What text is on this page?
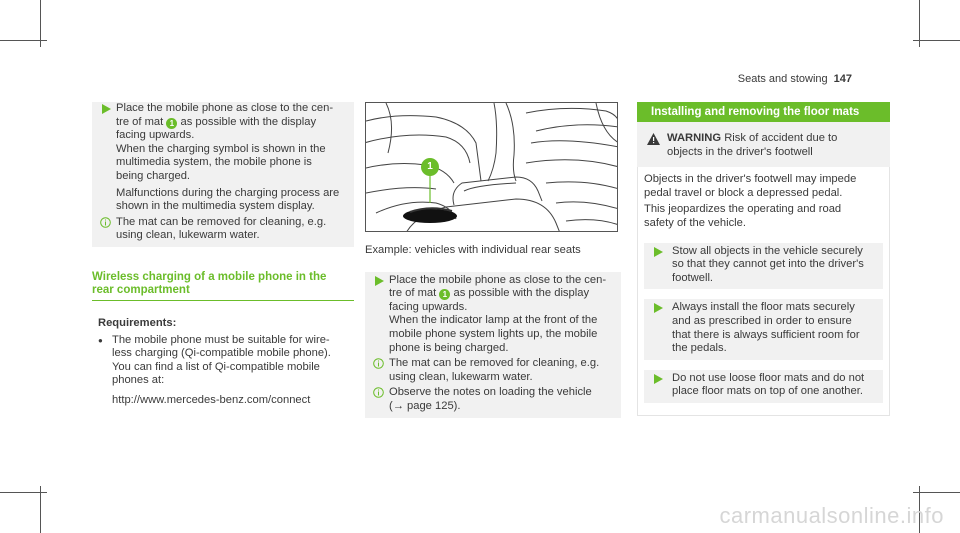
Seats and stowing 147
Place the mobile phone as close to the cen-
tre of mat 1 as possible with the display
facing upwards.
When the charging symbol is shown in the
multimedia system, the mobile phone is
being charged.
Malfunctions during the charging process are
shown in the multimedia system display.
The mat can be removed for cleaning, e.g.
using clean, lukewarm water.
Wireless charging of a mobile phone in the
rear compartment
Requirements:
● The mobile phone must be suitable for wire-
less charging (Qi-compatible mobile phone).
You can find a list of Qi-compatible mobile
phones at:
http://www.mercedes-benz.com/connect
1
Example: vehicles with individual rear seats
Place the mobile phone as close to the cen-
tre of mat 1 as possible with the display
facing upwards.
When the indicator lamp at the front of the
mobile phone system lights up, the mobile
phone is being charged.
The mat can be removed for cleaning, e.g.
using clean, lukewarm water.
Observe the notes on loading the vehicle
(→ page 125).
Installing and removing the floor mats
WARNING Risk of accident due to
objects in the driver's footwell
Objects in the driver's footwell may impede
pedal travel or block a depressed pedal.
This jeopardizes the operating and road
safety of the vehicle.
Stow all objects in the vehicle securely
so that they cannot get into the driver's
footwell.
Always install the floor mats securely
and as prescribed in order to ensure
that there is always sufficient room for
the pedals.
Do not use loose floor mats and do not
place floor mats on top of one another.
carmanualsonline.info
